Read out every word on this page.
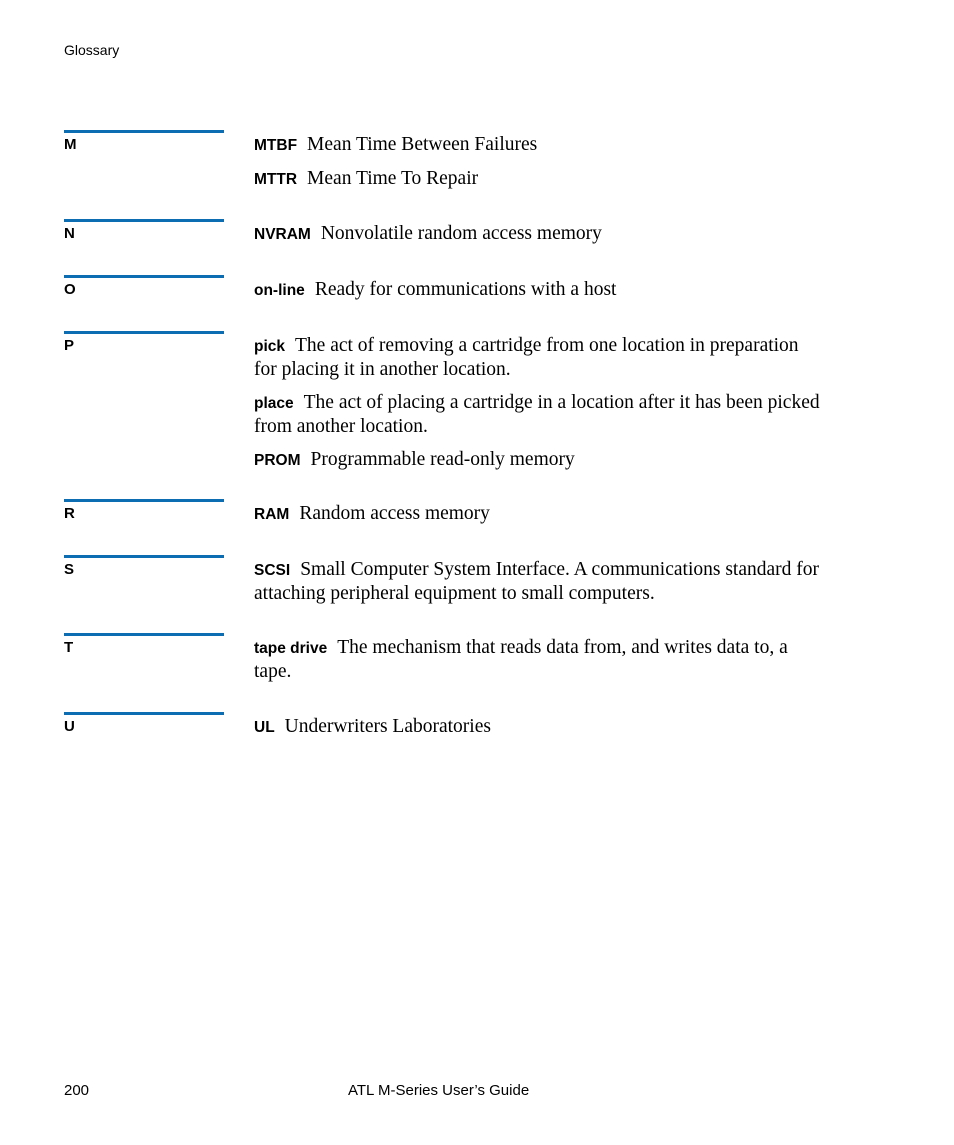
Glossary
M	MTBF Mean Time Between Failures

MTTR Mean Time To Repair

N	NVRAM Nonvolatile random access memory

O	on-line Ready for communications with a host

P	pick The act of removing a cartridge from one location in preparation for placing it in another location.

place The act of placing a cartridge in a location after it has been picked from another location.

PROM Programmable read-only memory

R	RAM Random access memory

S	SCSI Small Computer System Interface. A communications standard for attaching peripheral equipment to small computers.

T	tape drive The mechanism that reads data from, and writes data to, a tape.

U	UL Underwriters Laboratories

200	ATL M-Series User’s Guide
